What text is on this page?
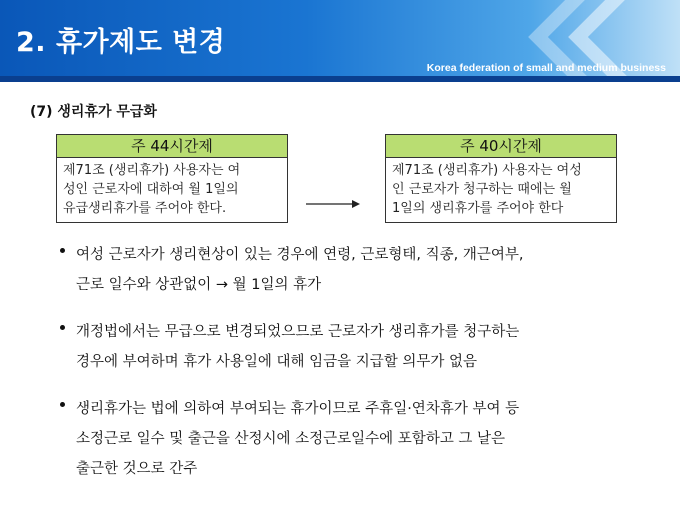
2. 휴가제도 변경
Korea federation of small and medium business
(7) 생리휴가 무급화
주 44시간제
제71조 (생리휴가) 사용자는 여
성인 근로자에 대하여 월 1일의
유급생리휴가를 주어야 한다.
주 40시간제
제71조 (생리휴가) 사용자는 여성
인 근로자가 청구하는 때에는 월
1일의 생리휴가를 주어야 한다
여성 근로자가 생리현상이 있는 경우에 연령, 근로형태, 직종, 개근여부,
근로 일수와 상관없이 → 월 1일의 휴가
개정법에서는 무급으로 변경되었으므로 근로자가 생리휴가를 청구하는
경우에 부여하며 휴가 사용일에 대해 임금을 지급할 의무가 없음
생리휴가는 법에 의하여 부여되는 휴가이므로 주휴일·연차휴가 부여 등
소정근로 일수 및 출근을 산정시에 소정근로일수에 포함하고 그 날은
출근한 것으로 간주
